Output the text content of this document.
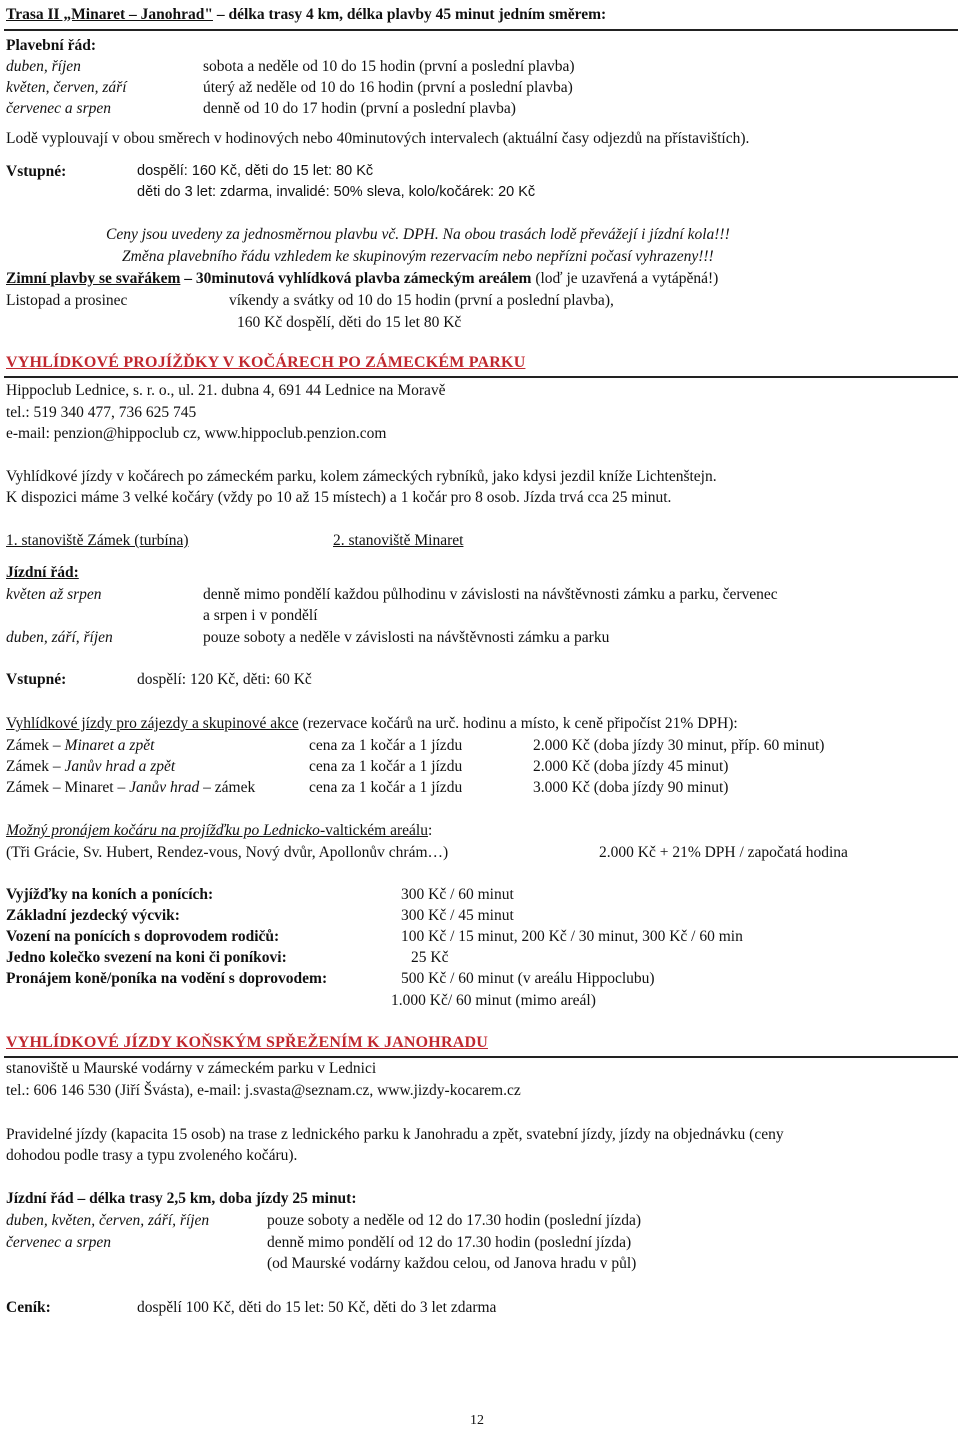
Trasa II „Minaret – Janohrad" – délka trasy 4 km, délka plavby 45 minut jedním směrem:
Plavební řád:
duben, říjen	sobota a neděle od 10 do 15 hodin (první a poslední plavba)
květen, červen, září	úterý až neděle od 10 do 16 hodin (první a poslední plavba)
červenec a srpen	denně od 10 do 17 hodin (první a poslední plavba)
Lodě vyplouvají v obou směrech v hodinových nebo 40minutových intervalech (aktuální časy odjezdů na přístavištích).
Vstupné:	dospělí: 160 Kč, děti do 15 let: 80 Kč
děti do 3 let: zdarma, invalidé: 50% sleva, kolo/kočárek: 20 Kč
Ceny jsou uvedeny za jednosměrnou plavbu vč. DPH. Na obou trasách lodě převážejí i jízdní kola!!!
Změna plavebního řádu vzhledem ke skupinovým rezervacím nebo nepřízni počasí vyhrazeny!!!
Zimní plavby se svařákem – 30minutová vyhlídková plavba zámeckým areálem (loď je uzavřená a vytápěná!)
Listopad a prosinec	víkendy a svátky od 10 do 15 hodin (první a poslední plavba),
160 Kč dospělí, děti do 15 let 80 Kč
VYHLÍDKOVÉ PROJÍŽĎKY V KOČÁRECH PO ZÁMECKÉM PARKU
Hippoclub Lednice, s. r. o., ul. 21. dubna 4, 691 44 Lednice na Moravě
tel.: 519 340 477, 736 625 745
e-mail: penzion@hippoclub cz, www.hippoclub.penzion.com
Vyhlídkové jízdy v kočárech po zámeckém parku, kolem zámeckých rybníků, jako kdysi jezdil kníže Lichtenštejn.
K dispozici máme 3 velké kočáry (vždy po 10 až 15 místech) a 1 kočár pro 8 osob. Jízda trvá cca 25 minut.
1. stanoviště Zámek (turbína)	2. stanoviště Minaret
Jízdní řád:
květen až srpen	denně mimo pondělí každou půlhodinu v závislosti na návštěvnosti zámku a parku, červenec
a srpen i v pondělí
duben, září, říjen	pouze soboty a neděle v závislosti na návštěvnosti zámku a parku
Vstupné:	dospělí: 120 Kč, děti: 60 Kč
Vyhlídkové jízdy pro zájezdy a skupinové akce (rezervace kočárů na urč. hodinu a místo, k ceně připočíst 21% DPH):
Zámek – Minaret a zpět	cena za 1 kočár a 1 jízdu	2.000 Kč (doba jízdy 30 minut, příp. 60 minut)
Zámek – Janův hrad a zpět	cena za 1 kočár a 1 jízdu	2.000 Kč (doba jízdy 45 minut)
Zámek – Minaret – Janův hrad – zámek	cena za 1 kočár a 1 jízdu	3.000 Kč (doba jízdy 90 minut)
Možný pronájem kočáru na projížďku po Lednicko-valtickém areálu:
(Tři Grácie, Sv. Hubert, Rendez-vous, Nový dvůr, Apollonův chrám…)	2.000 Kč + 21% DPH / započatá hodina
Vyjížďky na koních a ponících:	300 Kč / 60 minut
Základní jezdecký výcvik:	300 Kč / 45 minut
Vození na ponících s doprovodem rodičů:	100 Kč / 15 minut, 200 Kč / 30 minut, 300 Kč / 60 min
Jedno kolečko svezení na koni či poníkovi:	25 Kč
Pronájem koně/poníka na vodění s doprovodem:	500 Kč / 60 minut (v areálu Hippoclubu)
1.000 Kč/ 60 minut (mimo areál)
VYHLÍDKOVÉ JÍZDY KOŇSKÝM SPŘEŽENÍM K JANOHRADU
stanoviště u Maurské vodárny v zámeckém parku v Lednici
tel.: 606 146 530 (Jiří Švásta), e-mail: j.svasta@seznam.cz, www.jizdy-kocarem.cz
Pravidelné jízdy (kapacita 15 osob) na trase z lednického parku k Janohradu a zpět, svatební jízdy, jízdy na objednávku (ceny
dohodou podle trasy a typu zvoleného kočáru).
Jízdní řád – délka trasy 2,5 km, doba jízdy 25 minut:
duben, květen, červen, září, říjen	pouze soboty a neděle od 12 do 17.30 hodin (poslední jízda)
červenec a srpen	denně mimo pondělí od 12 do 17.30 hodin (poslední jízda)
(od Maurské vodárny každou celou, od Janova hradu v půl)
Ceník:	dospělí 100 Kč, děti do 15 let: 50 Kč, děti do 3 let zdarma
12
